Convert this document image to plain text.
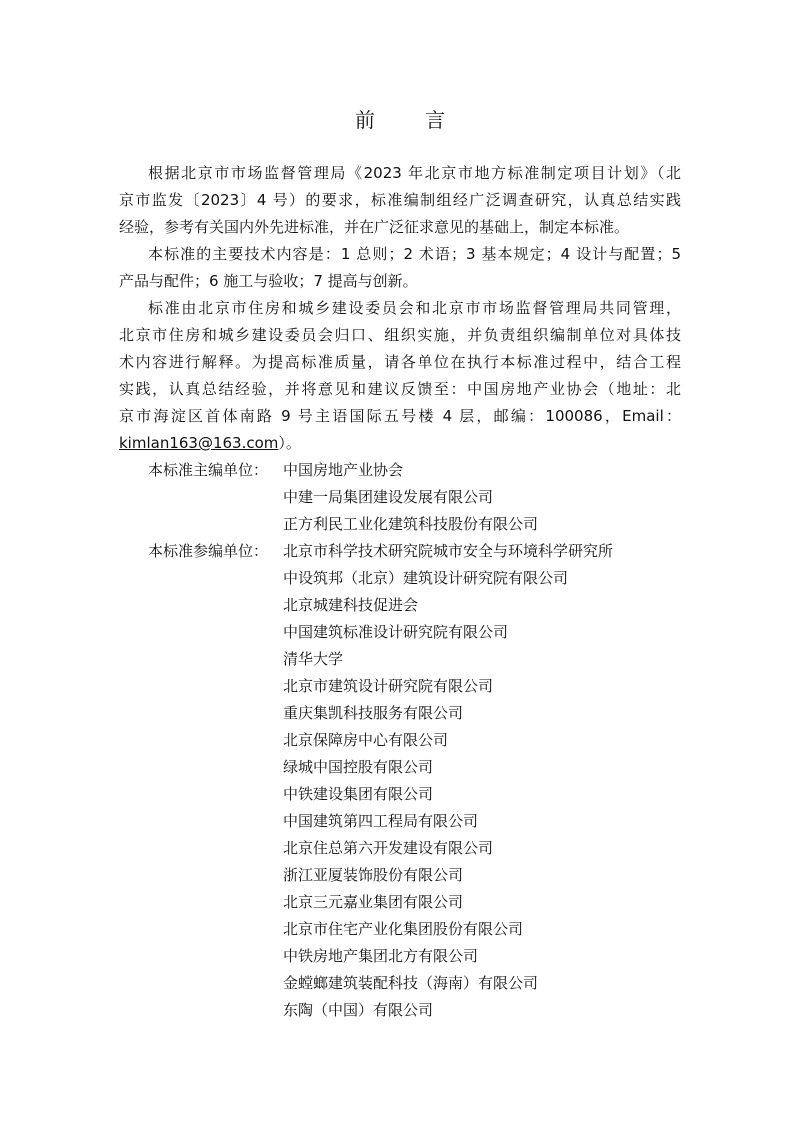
前 言
根据北京市市场监督管理局《2023 年北京市地方标准制定项目计划》（北
京市监发〔2023〕4 号）的要求，标准编制组经广泛调查研究，认真总结实践
经验，参考有关国内外先进标准，并在广泛征求意见的基础上，制定本标准。
本标准的主要技术内容是：1 总则；2 术语；3 基本规定；4 设计与配置；5
产品与配件；6 施工与验收；7 提高与创新。
标准由北京市住房和城乡建设委员会和北京市市场监督管理局共同管理，
北京市住房和城乡建设委员会归口、组织实施，并负责组织编制单位对具体技
术内容进行解释。为提高标准质量，请各单位在执行本标准过程中，结合工程
实践，认真总结经验，并将意见和建议反馈至：中国房地产业协会（地址：北
京市海淀区首体南路 9 号主语国际五号楼 4 层，邮编：100086，Email：
kimlan163@163.com）。
本标准主编单位： 中国房地产业协会
中建一局集团建设发展有限公司
正方利民工业化建筑科技股份有限公司
本标准参编单位： 北京市科学技术研究院城市安全与环境科学研究所
中设筑邦（北京）建筑设计研究院有限公司
北京城建科技促进会
中国建筑标准设计研究院有限公司
清华大学
北京市建筑设计研究院有限公司
重庆集凯科技服务有限公司
北京保障房中心有限公司
绿城中国控股有限公司
中铁建设集团有限公司
中国建筑第四工程局有限公司
北京住总第六开发建设有限公司
浙江亚厦装饰股份有限公司
北京三元嘉业集团有限公司
北京市住宅产业化集团股份有限公司
中铁房地产集团北方有限公司
金螳螂建筑装配科技（海南）有限公司
东陶（中国）有限公司
